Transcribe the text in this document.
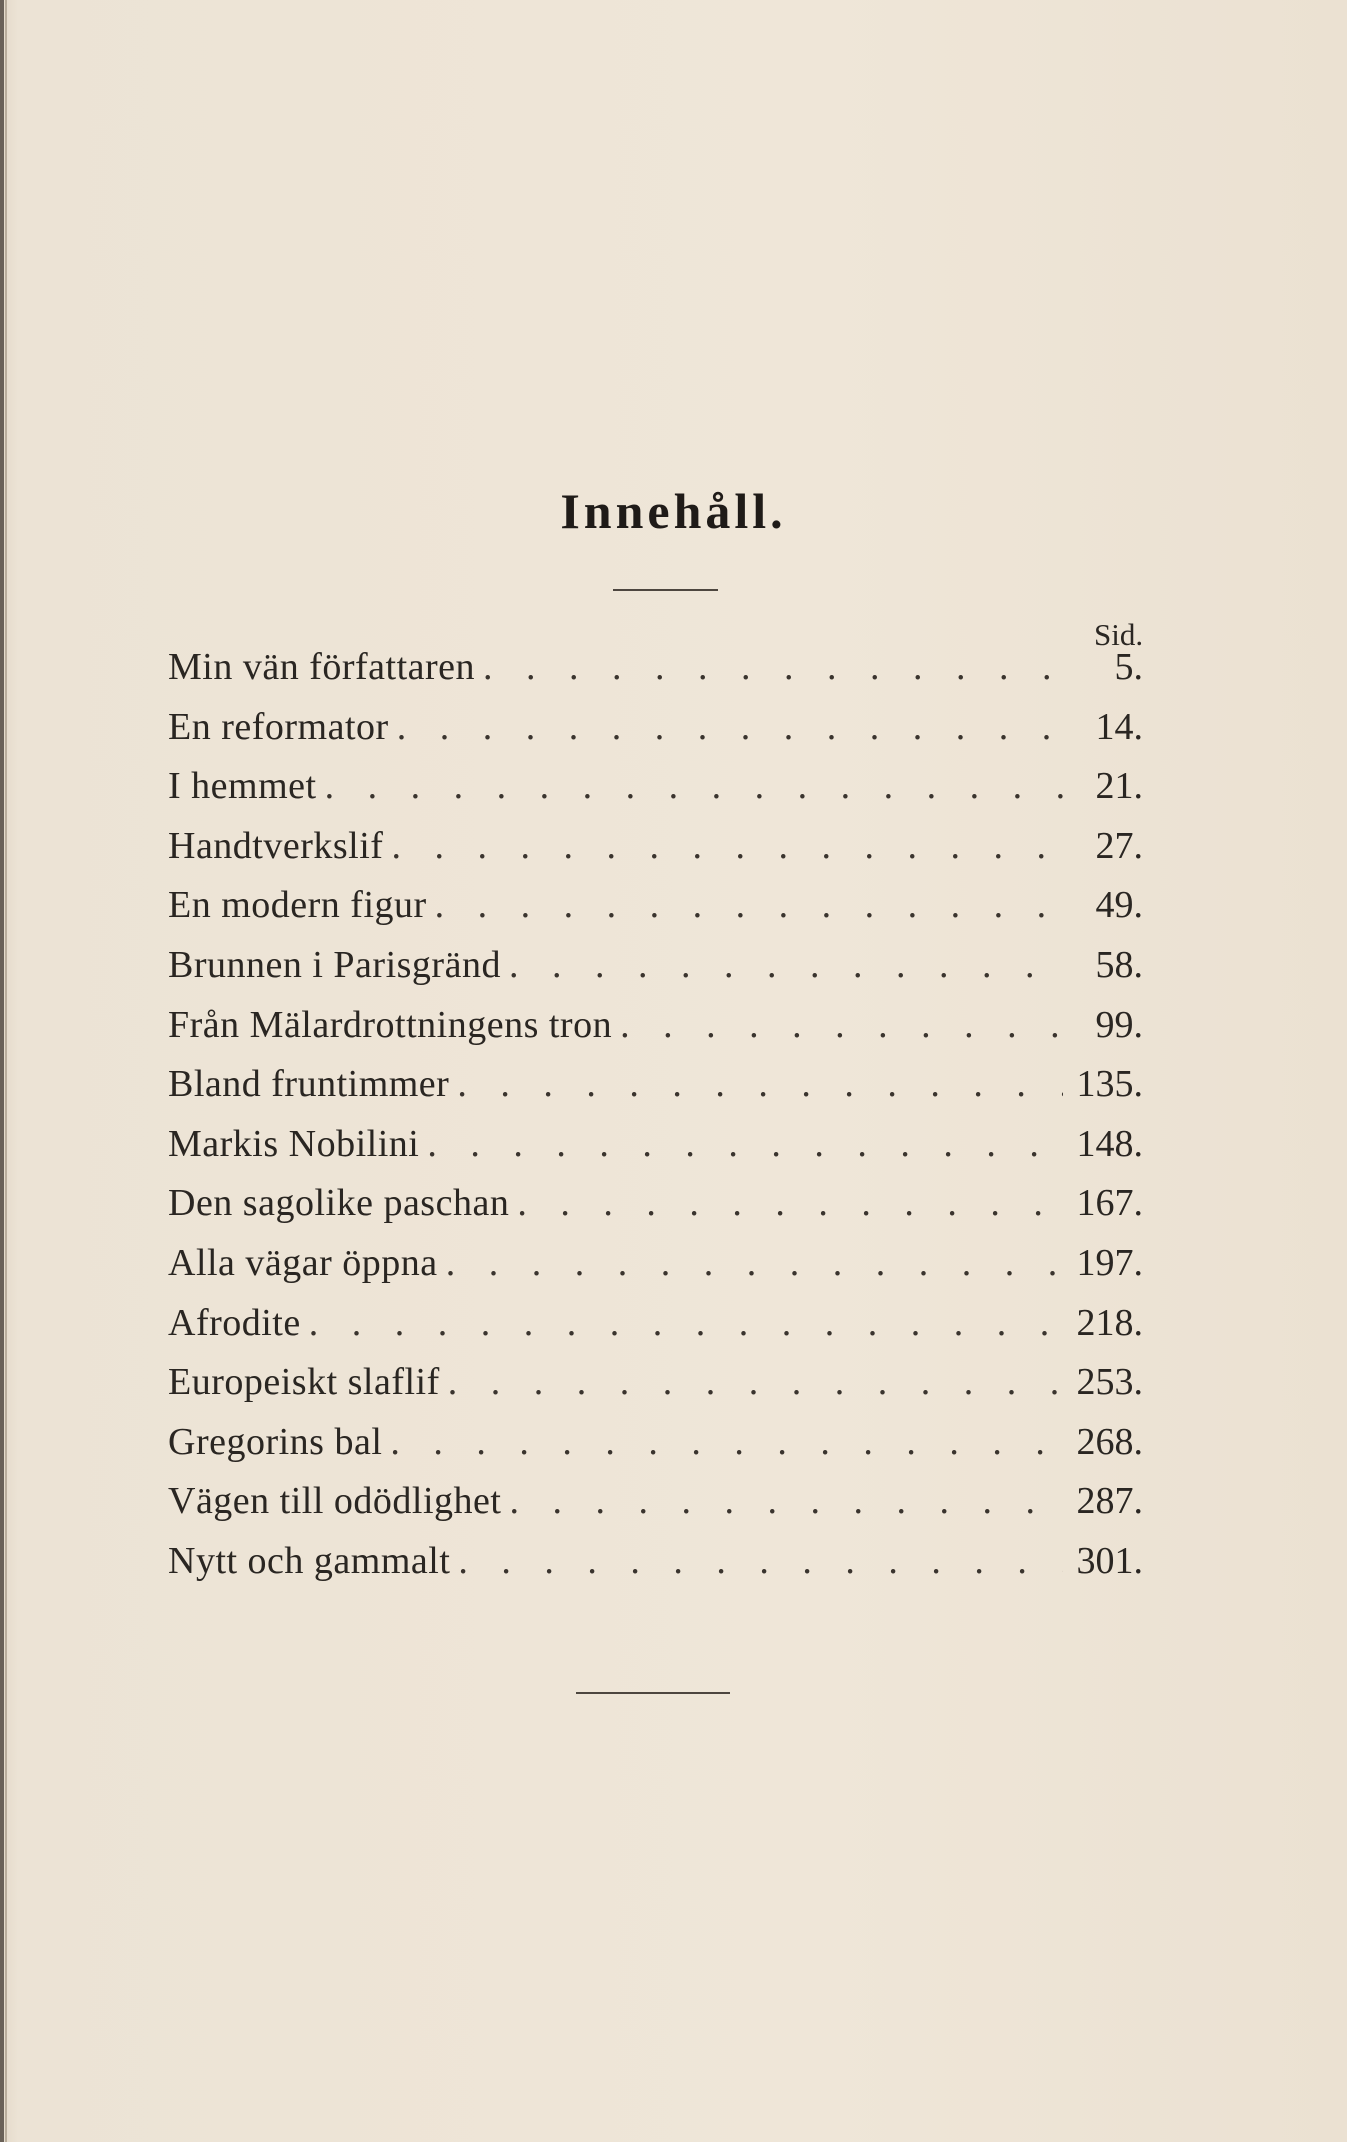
Innehåll.
Sid.
Min vän författaren . . .	5.
En reformator . . .	14.
I hemmet . . .	21.
Handtverkslif . . .	27.
En modern figur . . .	49.
Brunnen i Parisgränd . . .	58.
Från Mälardrottningens tron . . .	99.
Bland fruntimmer . . .	135.
Markis Nobilini . . .	148.
Den sagolike paschan . . .	167.
Alla vägar öppna . . .	197.
Afrodite . . .	218.
Europeiskt slaflif . . .	253.
Gregorins bal . . .	268.
Vägen till odödlighet . . .	287.
Nytt och gammalt . . .	301.
